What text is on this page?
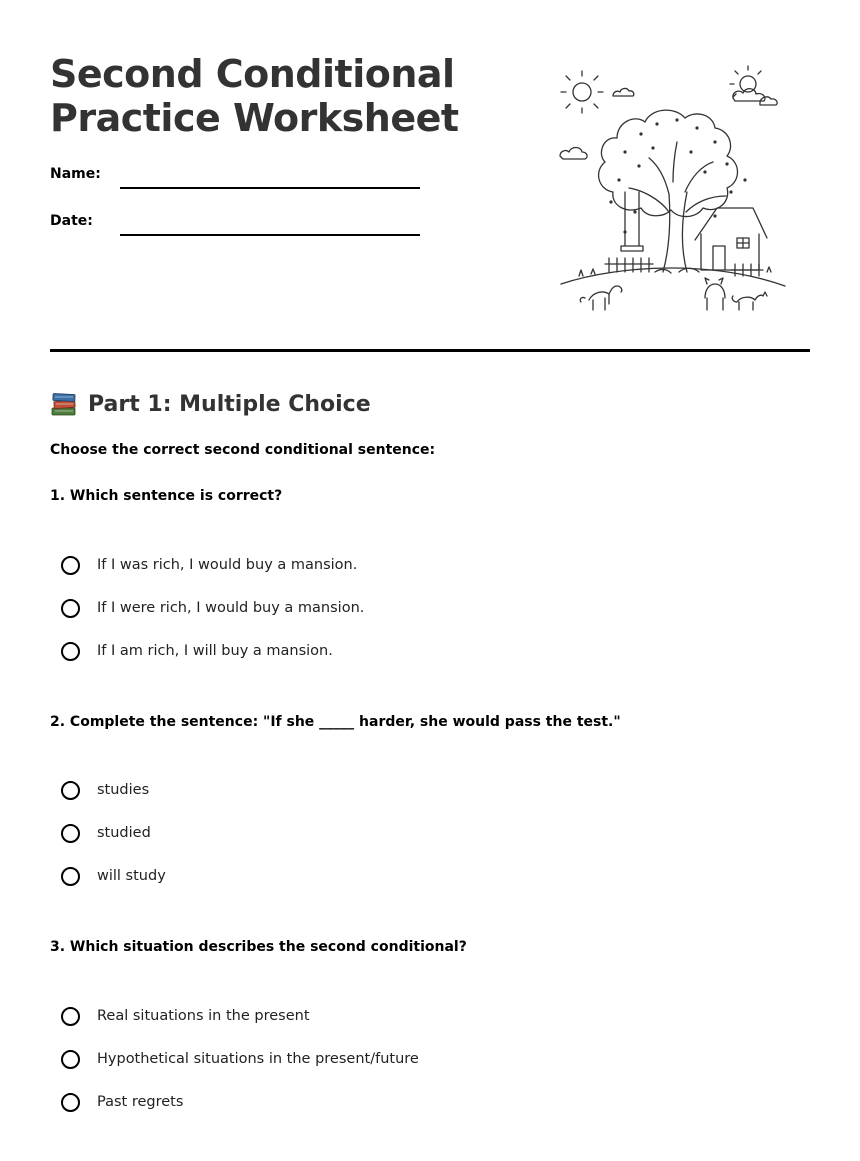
Second Conditional
Practice Worksheet
Name:
Date:
Part 1: Multiple Choice
Choose the correct second conditional sentence:
1. Which sentence is correct?
If I was rich, I would buy a mansion.
If I were rich, I would buy a mansion.
If I am rich, I will buy a mansion.
2. Complete the sentence: "If she _____ harder, she would pass the test."
studies
studied
will study
3. Which situation describes the second conditional?
Real situations in the present
Hypothetical situations in the present/future
Past regrets
